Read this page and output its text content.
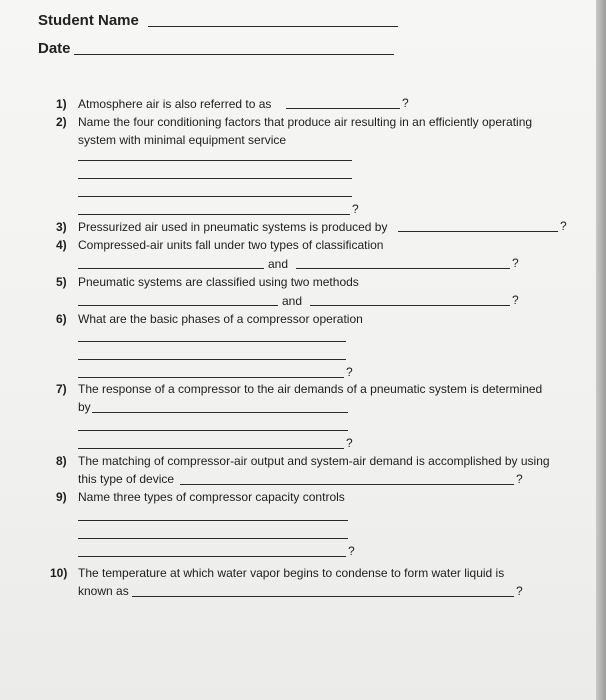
Student Name
Date
1) Atmosphere air is also referred to as	?
2) Name the four conditioning factors that produce air resulting in an efficiently operating
system with minimal equipment service
?
3) Pressurized air used in pneumatic systems is produced by	?
4) Compressed-air units fall under two types of classification
and	?
5) Pneumatic systems are classified using two methods
and	?
6) What are the basic phases of a compressor operation
?
7) The response of a compressor to the air demands of a pneumatic system is determined
by
?
8) The matching of compressor-air output and system-air demand is accomplished by using
this type of device	?
9) Name three types of compressor capacity controls
?
10) The temperature at which water vapor begins to condense to form water liquid is
known as	?
